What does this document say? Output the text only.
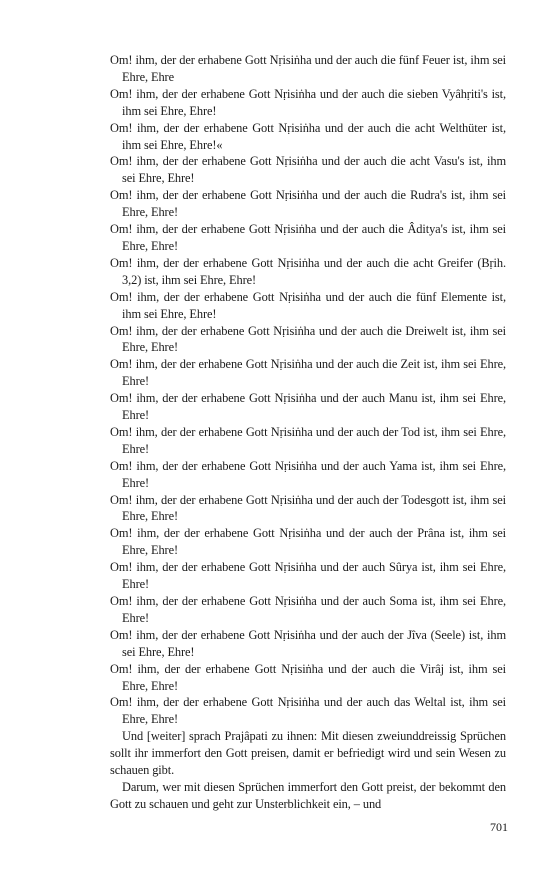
Om! ihm, der der erhabene Gott Nṛisiṅha und der auch die fünf Feuer ist, ihm sei Ehre, Ehre

Om! ihm, der der erhabene Gott Nṛisiṅha und der auch die sieben Vyâhṛiti's ist, ihm sei Ehre, Ehre!

Om! ihm, der der erhabene Gott Nṛisiṅha und der auch die acht Welthüter ist, ihm sei Ehre, Ehre!«

Om! ihm, der der erhabene Gott Nṛisiṅha und der auch die acht Vasu's ist, ihm sei Ehre, Ehre!

Om! ihm, der der erhabene Gott Nṛisiṅha und der auch die Rudra's ist, ihm sei Ehre, Ehre!

Om! ihm, der der erhabene Gott Nṛisiṅha und der auch die Âditya's ist, ihm sei Ehre, Ehre!

Om! ihm, der der erhabene Gott Nṛisiṅha und der auch die acht Greifer (Bṛih. 3,2) ist, ihm sei Ehre, Ehre!

Om! ihm, der der erhabene Gott Nṛisiṅha und der auch die fünf Elemente ist, ihm sei Ehre, Ehre!

Om! ihm, der der erhabene Gott Nṛisiṅha und der auch die Dreiwelt ist, ihm sei Ehre, Ehre!

Om! ihm, der der erhabene Gott Nṛisiṅha und der auch die Zeit ist, ihm sei Ehre, Ehre!

Om! ihm, der der erhabene Gott Nṛisiṅha und der auch Manu ist, ihm sei Ehre, Ehre!

Om! ihm, der der erhabene Gott Nṛisiṅha und der auch der Tod ist, ihm sei Ehre, Ehre!

Om! ihm, der der erhabene Gott Nṛisiṅha und der auch Yama ist, ihm sei Ehre, Ehre!

Om! ihm, der der erhabene Gott Nṛisiṅha und der auch der Todesgott ist, ihm sei Ehre, Ehre!

Om! ihm, der der erhabene Gott Nṛisiṅha und der auch der Prâna ist, ihm sei Ehre, Ehre!

Om! ihm, der der erhabene Gott Nṛisiṅha und der auch Sûrya ist, ihm sei Ehre, Ehre!

Om! ihm, der der erhabene Gott Nṛisiṅha und der auch Soma ist, ihm sei Ehre, Ehre!

Om! ihm, der der erhabene Gott Nṛisiṅha und der auch der Jîva (Seele) ist, ihm sei Ehre, Ehre!

Om! ihm, der der erhabene Gott Nṛisiṅha und der auch die Virâj ist, ihm sei Ehre, Ehre!

Om! ihm, der der erhabene Gott Nṛisiṅha und der auch das Weltal ist, ihm sei Ehre, Ehre!

Und [weiter] sprach Prajâpati zu ihnen: Mit diesen zweiunddreissig Sprüchen sollt ihr immerfort den Gott preisen, damit er befriedigt wird und sein Wesen zu schauen gibt.

Darum, wer mit diesen Sprüchen immerfort den Gott preist, der bekommt den Gott zu schauen und geht zur Unsterblichkeit ein, – und

701
